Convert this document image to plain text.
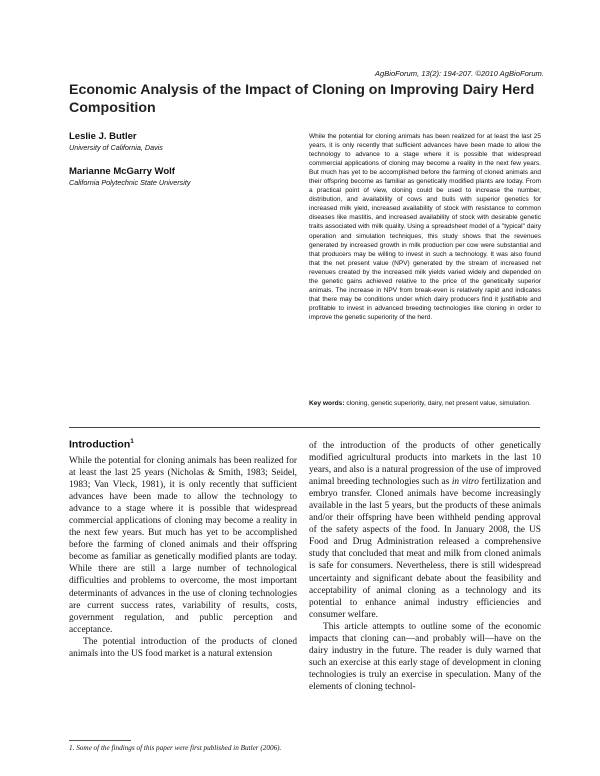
AgBioForum, 13(2): 194-207. ©2010 AgBioForum.
Economic Analysis of the Impact of Cloning on Improving Dairy Herd Composition
Leslie J. Butler
University of California, Davis
Marianne McGarry Wolf
California Polytechnic State University

While the potential for cloning animals has been realized for at least the last 25 years, it is only recently that sufficient advances have been made to allow the technology to advance to a stage where it is possible that widespread commercial applications of cloning may become a reality in the next few years. But much has yet to be accomplished before the farming of cloned animals and their offspring become as familiar as genetically modified plants are today. From a practical point of view, cloning could be used to increase the number, distribution, and availability of cows and bulls with superior genetics for increased milk yield, increased availability of stock with resistance to common diseases like mastitis, and increased availability of stock with desirable genetic traits associated with milk quality. Using a spreadsheet model of a "typical" dairy operation and simulation techniques, this study shows that the revenues generated by increased growth in milk production per cow were substantial and that producers may be willing to invest in such a technology. It was also found that the net present value (NPV) generated by the stream of increased net revenues created by the increased milk yields varied widely and depended on the genetic gains achieved relative to the price of the genetically superior animals. The increase in NPV from break-even is relatively rapid and indicates that there may be conditions under which dairy producers find it justifiable and profitable to invest in advanced breeding technologies like cloning in order to improve the genetic superiority of the herd.

Key words: cloning, genetic superiority, dairy, net present value, simulation.

Introduction$^1$

While the potential for cloning animals has been realized for at least the last 25 years (Nicholas & Smith, 1983; Seidel, 1983; Van Vleck, 1981), it is only recently that sufficient advances have been made to allow the technology to advance to a stage where it is possible that widespread commercial applications of cloning may become a reality in the next few years. But much has yet to be accomplished before the farming of cloned animals and their offspring become as familiar as genetically modified plants are today. While there are still a large number of technological difficulties and problems to overcome, the most important determinants of advances in the use of cloning technologies are current success rates, variability of results, costs, government regulation, and public perception and acceptance.

The potential introduction of the products of cloned animals into the US food market is a natural extension

of the introduction of the products of other genetically modified agricultural products into markets in the last 10 years, and also is a natural progression of the use of improved animal breeding technologies such as in vitro fertilization and embryo transfer. Cloned animals have become increasingly available in the last 5 years, but the products of these animals and/or their offspring have been withheld pending approval of the safety aspects of the food. In January 2008, the US Food and Drug Administration released a comprehensive study that concluded that meat and milk from cloned animals is safe for consumers. Nevertheless, there is still widespread uncertainty and significant debate about the feasibility and acceptability of animal cloning as a technology and its potential to enhance animal industry efficiencies and consumer welfare.

This article attempts to outline some of the economic impacts that cloning can—and probably will—have on the dairy industry in the future. The reader is duly warned that such an exercise at this early stage of development in cloning technologies is truly an exercise in speculation. Many of the elements of cloning technol-

1. Some of the findings of this paper were first published in Butler (2006).
